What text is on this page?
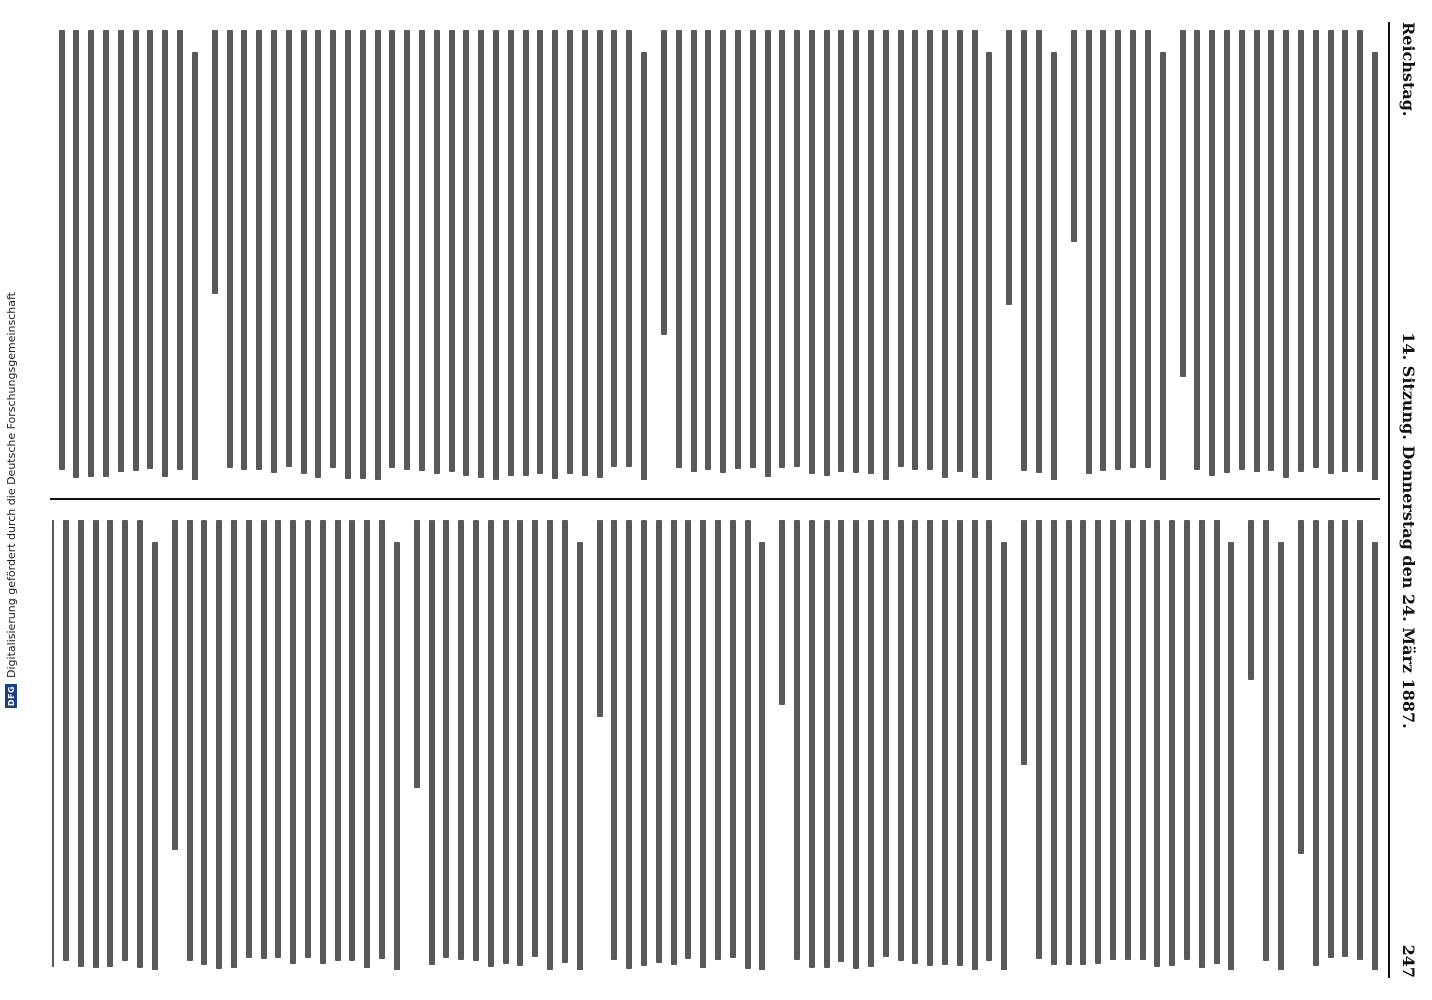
DFG
Digitalisierung gefördert durch die Deutsche Forschungsgemeinschaft
Reichstag.
14. Sitzung. Donnerstag den 24. März 1887.
247
